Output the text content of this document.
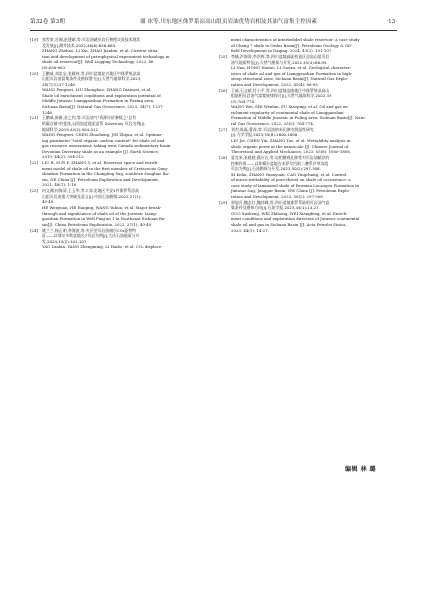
第32卷 第3期	谢 冰等.川东地区侏罗系凉高山组页岩油优势岩相及其油气富集主控因素	·13·
[19] 张哲豪,谷湘,赵建斌,等.页岩油储层岩石物理实验技术现状

及发展[J].测井技术,2022,46(6):656-663.

ZHANG Zhehao, LI Xin, ZHAO Jianbin, et al. Current situa-

tion and development of petrophysical experiment technology in

shale oil reservoir[J]. Well Logging Technology, 2022, 46

(6):656-663.

[20] 王鹏威,刘忠宝,张殿伟,等.四川盆地复兴地区中侏罗统凉高

山组页岩油富集条件及勘探潜力[J].天然气地球科学,2023,

34(7):1237-1246.

WANG Pengwei, LIU Zhongbao, ZHANG Dianwei, et al.

Shale oil enrichment conditions and exploration potential of

Middle Jurassic Lianggaoshan Formation in Fuxing area,

Sichuan Basin[J]. Natural Gas Geoscience, 2023, 34(7): 1237-

1246.

[21] 王鹏威,陈筱,金之钧,等.页岩油气"资源评价参数之"总有

机碳含量"的优选,以西加盆地泥盆系 Duvernay 页岩为例[J].

地球科学,2019,44(2):504-512.

WANG Pengwei, CHEN Zhuoheng, JIN Zhijun, et al. Optimiz-

ing parameter "total organic carbon content" for shale oil and

gas resource assessment: taking west Canada sedimentary basin

Devonian Duvernay shale as an example [J]. Earth Science,

2019, 44(2): 504-512.

[22] LIU B, SUN F, ZHANG Y, et al. Reservoir space and enrich-

ment model of shale oil in the first member of Cretaceous Qing-

shankou Formation in the Changling Sag, southern Songliao Ba-

sin, NE China [J]. Petroleum Exploration and Development,

2021, 48(1): 1-16.

[23] 何文渊,何海清,王玉华,等.川东北地区平安1井侏罗系凉高

山组页岩油重大突破及意义[J].中国石油勘探,2022,27(1):

40-49.

HE Wenyuan, HE Haiqing, WANG Yuhua, et al. Major break-

through and significance of shale oil of the Jurassic Liang-

gaoshan Formation in Well Ping'an 1 in Northeast Sichuan Ba-

sin[J]. China Petroleum Exploration, 2022, 27(1): 40-49.

[24] 姚兰兰,杨正明,李海波,等.夹层型页岩油储层CO₂驱替特

征——以鄂尔多斯盆地长7页岩为例[J].大庆石油地质与开

发,2024,43(2):101-107.

YAO Lanlan, YANG Zhengming, LI Haibo, et al. CO₂ displace-

ment characteristics of interbedded shale reservoir: a case study

of Chang 7 shale in Ordos Basin[J]. Petroleum Geology & Oil-

field Development in Daqing, 2024, 43(2): 101-107.

[25] 李楠,洪海涛,李洪辉,等.四川盆地高陡构造区凉高山组页岩

油气地质特征[J].天然气勘探与开发,2022,45(4):86-95.

LI Nan, HONG Haitao, LI Guoxu, et al. Geological character-

istics of shale oil and gas of Lianggaoshan Formation in high-

steep structural zone, Sichuan Basin[J]. Natural Gas Explo-

ration and Development, 2022, 45(4): 86-95.

[26] 王威,石文斌,付小平,等.四川盆地涪陵地区中侏罗统凉高山

组陆相页岩油气富集规律探讨[J].天然气地球科学,2022,33

(5):764-774.

WANG Wei, SHI Wenbin, FU Xiaoping, et al. Oil and gas en-

richment regularity of continental shale of Lianggaoshan

Formation of Middle Jurassic in Fuling area, Sichuan Basin[J]. Natu-

ral Gas Geoscience, 2022, 33(5): 764-774.

[27] 刘杰,陈磊,曹涛,等.页岩油纳米孔隙中润湿性研究

[J].力学学报,2023,55(8):1800-1808.

LIU Jie, CHEN Yin, ZHANG Tao, et al. Wettability analysis in

shale organic pores at the nanoscale [J]. Chinese Journal of

Theoretical and Applied Mechanics, 2023, 55(8): 1800-1808.

[28] 夏克来,张媛媛,操应长,等.岩相微观孔隙性对页岩油赋存的

控制作用——以准噶尔盆地吉木萨尔凹陷二叠系芦草沟组

页岩为例[J].石油勘探与开发,2023,50(2):297-308.

XI Kelai, ZHANG Yuanyuan, CAO Yingchang, et al. Control

of micro-wettability of pore-throat on shale oil occurrence: a

case study of laminated shale of Permian Lucaogou Formation in

Jimusar Sag, Junggar Basin, NW China [J]. Petroleum Explo-

ration and Development, 2023, 50(2): 297-308.

[29] 郭旭升,魏志红,魏祥峰,等.四川盆地侏罗系陆相页岩油气富

集条件及勘探方向[J].石油学报,2023,44(1):14-27.

GUO Xusheng, WEI Zhihong, WEI Xiangfeng, et al. Enrich-

ment conditions and exploration direction of Jurassic continental

shale oil and gas in Sichuan Basin [J]. Acta Petrolei Sinica,

2023, 44(1): 14-27.

编辑 林 璐
